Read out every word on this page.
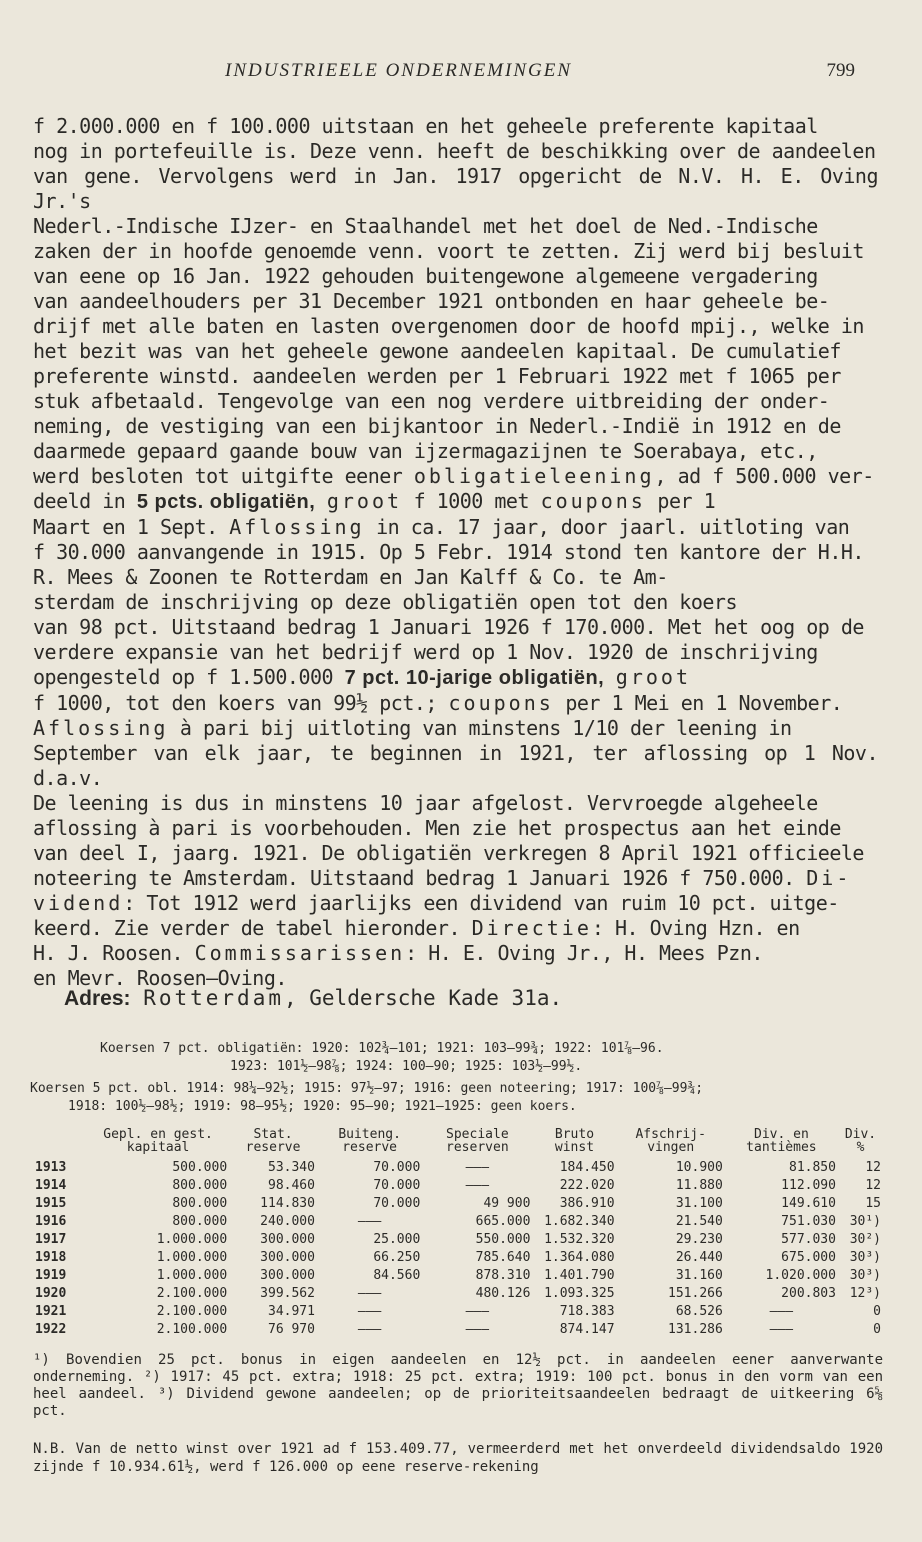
INDUSTRIEELE ONDERNEMINGEN	799

f 2.000.000 en f 100.000 uitstaan en het geheele preferente kapitaal

nog in portefeuille is. Deze venn. heeft de beschikking over de aandeelen

van gene. Vervolgens werd in Jan. 1917 opgericht de N.V. H. E. Oving Jr.'s

Nederl.-Indische IJzer- en Staalhandel met het doel de Ned.-Indische

zaken der in hoofde genoemde venn. voort te zetten. Zij werd bij besluit

van eene op 16 Jan. 1922 gehouden buitengewone algemeene vergadering

van aandeelhouders per 31 December 1921 ontbonden en haar geheele be-

drijf met alle baten en lasten overgenomen door de hoofd mpij., welke in

het bezit was van het geheele gewone aandeelen kapitaal. De cumulatief

preferente winstd. aandeelen werden per 1 Februari 1922 met f 1065 per

stuk afbetaald. Tengevolge van een nog verdere uitbreiding der onder-

neming, de vestiging van een bijkantoor in Nederl.-Indië in 1912 en de

daarmede gepaard gaande bouw van ijzermagazijnen te Soerabaya, etc.,

werd besloten tot uitgifte eener obligatieleening, ad f 500.000 ver-

deeld in 5 pcts. obligatiën, groot f 1000 met coupons per 1

Maart en 1 Sept. Aflossing in ca. 17 jaar, door jaarl. uitloting van

f 30.000 aanvangende in 1915. Op 5 Febr. 1914 stond ten kantore der H.H.

R. Mees & Zoonen te Rotterdam en Jan Kalff & Co. te Am-

sterdam de inschrijving op deze obligatiën open tot den koers

van 98 pct. Uitstaand bedrag 1 Januari 1926 f 170.000. Met het oog op de

verdere expansie van het bedrijf werd op 1 Nov. 1920 de inschrijving

opengesteld op f 1.500.000 7 pct. 10-jarige obligatiën, groot

f 1000, tot den koers van 99½ pct.; coupons per 1 Mei en 1 November.

Aflossing à pari bij uitloting van minstens 1/10 der leening in

September van elk jaar, te beginnen in 1921, ter aflossing op 1 Nov. d.a.v.

De leening is dus in minstens 10 jaar afgelost. Vervroegde algeheele

aflossing à pari is voorbehouden. Men zie het prospectus aan het einde

van deel I, jaarg. 1921. De obligatiën verkregen 8 April 1921 officieele

noteering te Amsterdam. Uitstaand bedrag 1 Januari 1926 f 750.000. Di-

vidend: Tot 1912 werd jaarlijks een dividend van ruim 10 pct. uitge-

keerd. Zie verder de tabel hieronder. Directie: H. Oving Hzn. en

H. J. Roosen. Commissarissen: H. E. Oving Jr., H. Mees Pzn.

en Mevr. Roosen—Oving.

Adres: Rotterdam, Geldersche Kade 31a.
Koersen 7 pct. obligatiën: 1920: 102¾—101; 1921: 103—99¾; 1922: 101⅞—96.
1923: 101½—98⅞; 1924: 100—90; 1925: 103½—99½.
Koersen 5 pct. obl. 1914: 98¼—92½; 1915: 97½—97; 1916: geen noteering; 1917: 100⅞—99¾;
1918: 100½—98½; 1919: 98—95½; 1920: 95—90; 1921—1925: geen koers.
	Gepl. en gest. kapitaal	Stat. reserve	Buiteng. reserve	Speciale reserven	Bruto winst	Afschrij- vingen	Div. en tantièmes	Div. %
1913	500.000	53.340	70.000	———	184.450	10.900	81.850	12
1914	800.000	98.460	70.000	———	222.020	11.880	112.090	12
1915	800.000	114.830	70.000	49 900	386.910	31.100	149.610	15
1916	800.000	240.000	———	665.000	1.682.340	21.540	751.030	30¹)
1917	1.000.000	300.000	25.000	550.000	1.532.320	29.230	577.030	30²)
1918	1.000.000	300.000	66.250	785.640	1.364.080	26.440	675.000	30³)
1919	1.000.000	300.000	84.560	878.310	1.401.790	31.160	1.020.000	30³)
1920	2.100.000	399.562	———	480.126	1.093.325	151.266	200.803	12³)
1921	2.100.000	34.971	———	———	718.383	68.526	———	0
1922	2.100.000	76 970	———	———	874.147	131.286	———	0
¹) Bovendien 25 pct. bonus in eigen aandeelen en 12½ pct. in aandeelen eener aanverwante onderneming. ²) 1917: 45 pct. extra; 1918: 25 pct. extra; 1919: 100 pct. bonus in den vorm van een heel aandeel. ³) Dividend gewone aandeelen; op de prioriteitsaandeelen bedraagt de uitkeering 6⅝ pct.
N.B. Van de netto winst over 1921 ad f 153.409.77, vermeerderd met het onverdeeld dividendsaldo 1920 zijnde f 10.934.61½, werd f 126.000 op eene reserve-rekening
